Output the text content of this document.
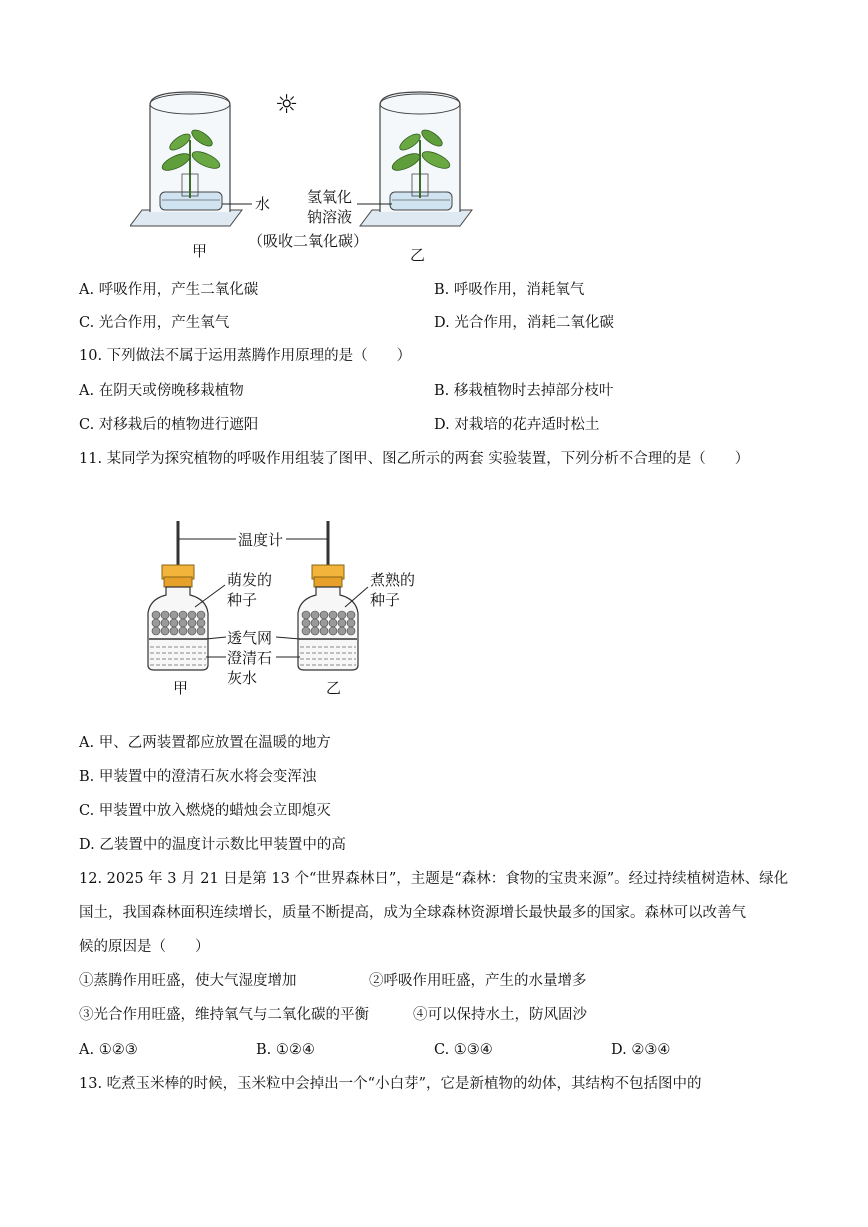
水
☼
氢氧化
钠溶液
（吸收二氧化碳）
甲	乙
A. 呼吸作用，产生二氧化碳	B. 呼吸作用，消耗氧气
C. 光合作用，产生氧气	D. 光合作用，消耗二氧化碳
10. 下列做法不属于运用蒸腾作用原理的是（　　）
A. 在阴天或傍晚移栽植物	B. 移栽植物时去掉部分枝叶
C. 对移栽后的植物进行遮阳	D. 对栽培的花卉适时松土
11. 某同学为探究植物的呼吸作用组装了图甲、图乙所示的两套 实验装置，下列分析不合理的是（　　）
温度计
萌发的
种子
煮熟的
种子
透气网
澄清石
灰水
甲	乙
A. 甲、乙两装置都应放置在温暖的地方
B. 甲装置中的澄清石灰水将会变浑浊
C. 甲装置中放入燃烧的蜡烛会立即熄灭
D. 乙装置中的温度计示数比甲装置中的高
12. 2025 年 3 月 21 日是第 13 个“世界森林日”，主题是“森林：食物的宝贵来源”。经过持续植树造林、绿化
国土，我国森林面积连续增长，质量不断提高，成为全球森林资源增长最快最多的国家。森林可以改善气
候的原因是（　　）
①蒸腾作用旺盛，使大气湿度增加	②呼吸作用旺盛，产生的水量增多
③光合作用旺盛，维持氧气与二氧化碳的平衡	④可以保持水土，防风固沙
A. ①②③	B. ①②④	C. ①③④	D. ②③④
13. 吃煮玉米棒的时候，玉米粒中会掉出一个“小白芽”，它是新植物的幼体，其结构不包括图中的
